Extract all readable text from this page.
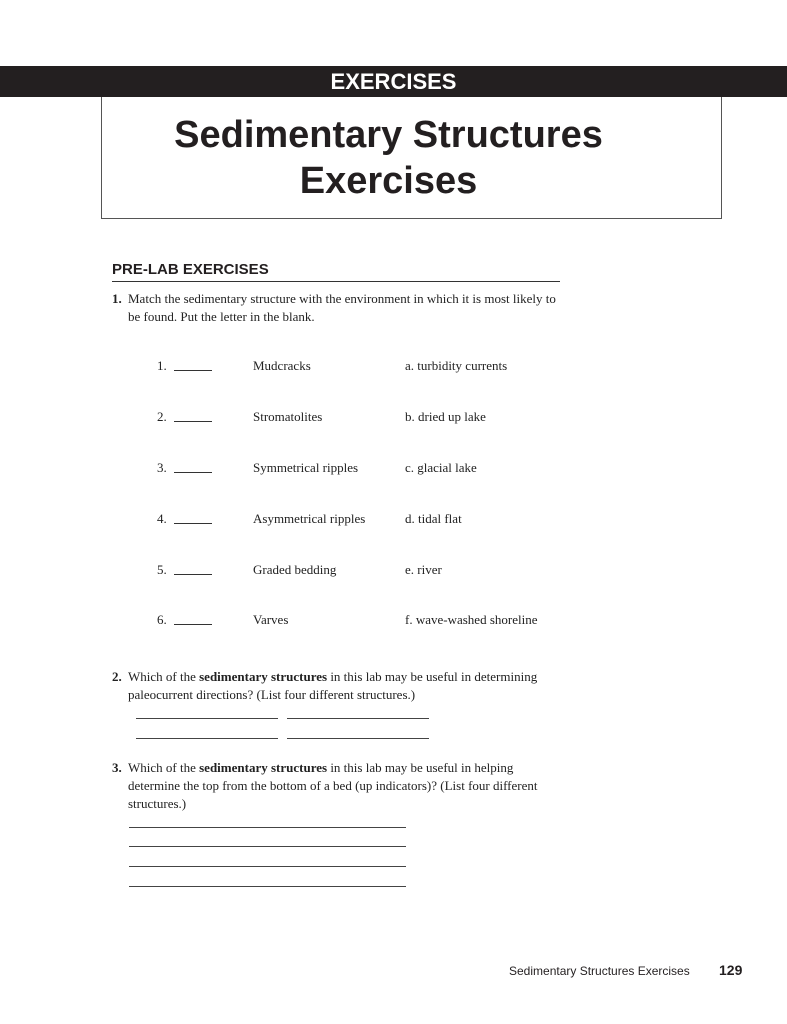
EXERCISES
Sedimentary Structures
Exercises
PRE-LAB EXERCISES
1. Match the sedimentary structure with the environment in which it is most likely to be found. Put the letter in the blank.
1.	Mudcracks	a. turbidity currents
2.	Stromatolites	b. dried up lake
3.	Symmetrical ripples	c. glacial lake
4.	Asymmetrical ripples	d. tidal flat
5.	Graded bedding	e. river
6.	Varves	f. wave-washed shoreline
2. Which of the sedimentary structures in this lab may be useful in determining paleocurrent directions? (List four different structures.)
3. Which of the sedimentary structures in this lab may be useful in helping determine the top from the bottom of a bed (up indicators)? (List four different structures.)
Sedimentary Structures Exercises 129
